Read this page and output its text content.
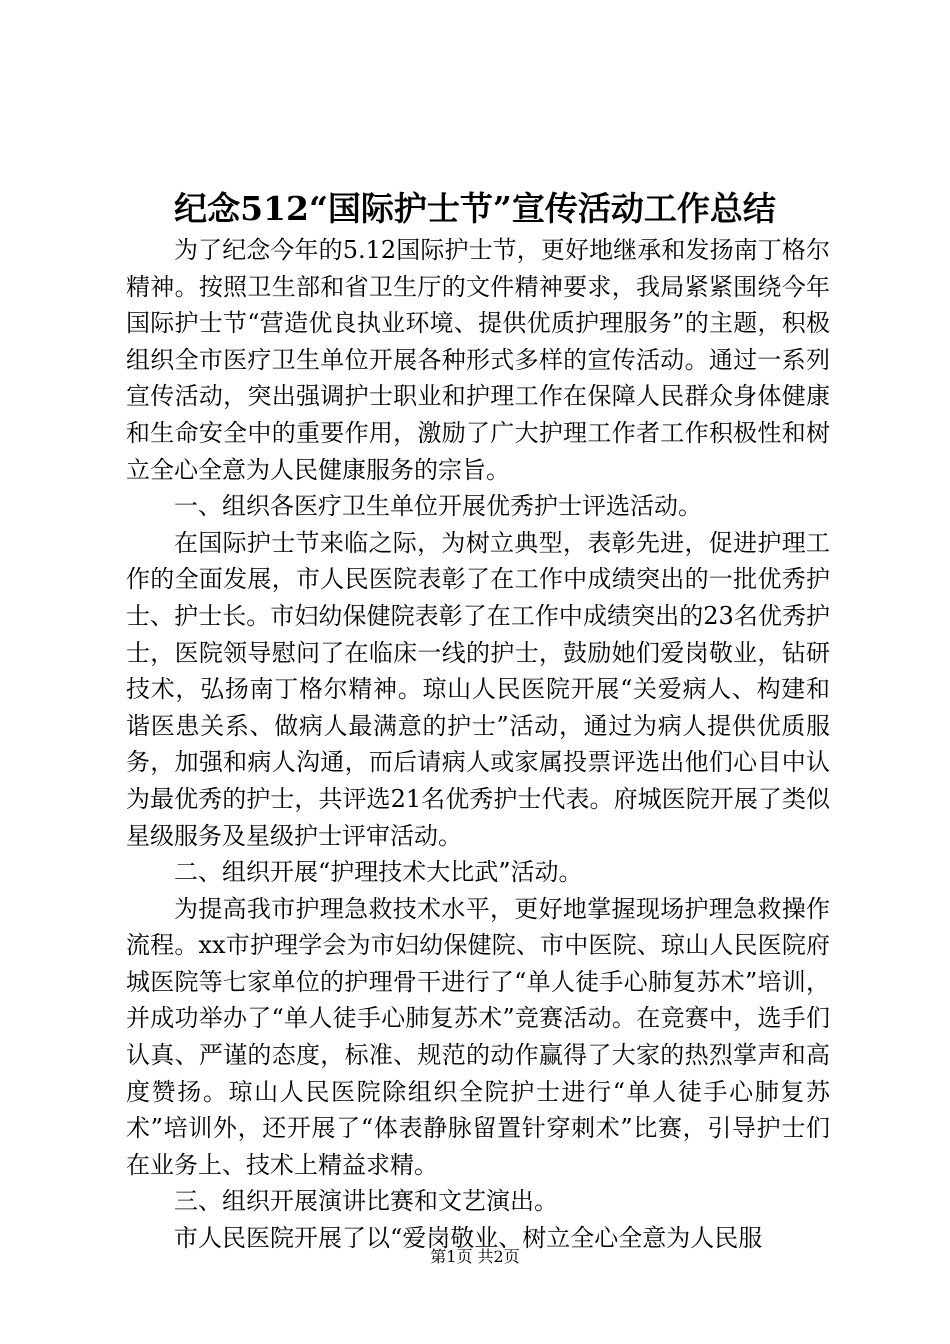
纪念512“国际护士节”宣传活动工作总结

为了纪念今年的5.12国际护士节，更好地继承和发扬南丁格尔精神。按照卫生部和省卫生厅的文件精神要求，我局紧紧围绕今年国际护士节“营造优良执业环境、提供优质护理服务”的主题，积极组织全市医疗卫生单位开展各种形式多样的宣传活动。通过一系列宣传活动，突出强调护士职业和护理工作在保障人民群众身体健康和生命安全中的重要作用，激励了广大护理工作者工作积极性和树立全心全意为人民健康服务的宗旨。

一、组织各医疗卫生单位开展优秀护士评选活动。

在国际护士节来临之际，为树立典型，表彰先进，促进护理工作的全面发展，市人民医院表彰了在工作中成绩突出的一批优秀护士、护士长。市妇幼保健院表彰了在工作中成绩突出的23名优秀护士，医院领导慰问了在临床一线的护士，鼓励她们爱岗敬业，钻研技术，弘扬南丁格尔精神。琼山人民医院开展“关爱病人、构建和谐医患关系、做病人最满意的护士”活动，通过为病人提供优质服务，加强和病人沟通，而后请病人或家属投票评选出他们心目中认为最优秀的护士，共评选21名优秀护士代表。府城医院开展了类似星级服务及星级护士评审活动。

二、组织开展“护理技术大比武”活动。

为提高我市护理急救技术水平，更好地掌握现场护理急救操作流程。xx市护理学会为市妇幼保健院、市中医院、琼山人民医院府城医院等七家单位的护理骨干进行了“单人徒手心肺复苏术”培训，并成功举办了“单人徒手心肺复苏术”竞赛活动。在竞赛中，选手们认真、严谨的态度，标准、规范的动作赢得了大家的热烈掌声和高度赞扬。琼山人民医院除组织全院护士进行“单人徒手心肺复苏术”培训外，还开展了“体表静脉留置针穿刺术”比赛，引导护士们在业务上、技术上精益求精。

三、组织开展演讲比赛和文艺演出。

市人民医院开展了以“爱岗敬业、树立全心全意为人民服

第1页 共2页
